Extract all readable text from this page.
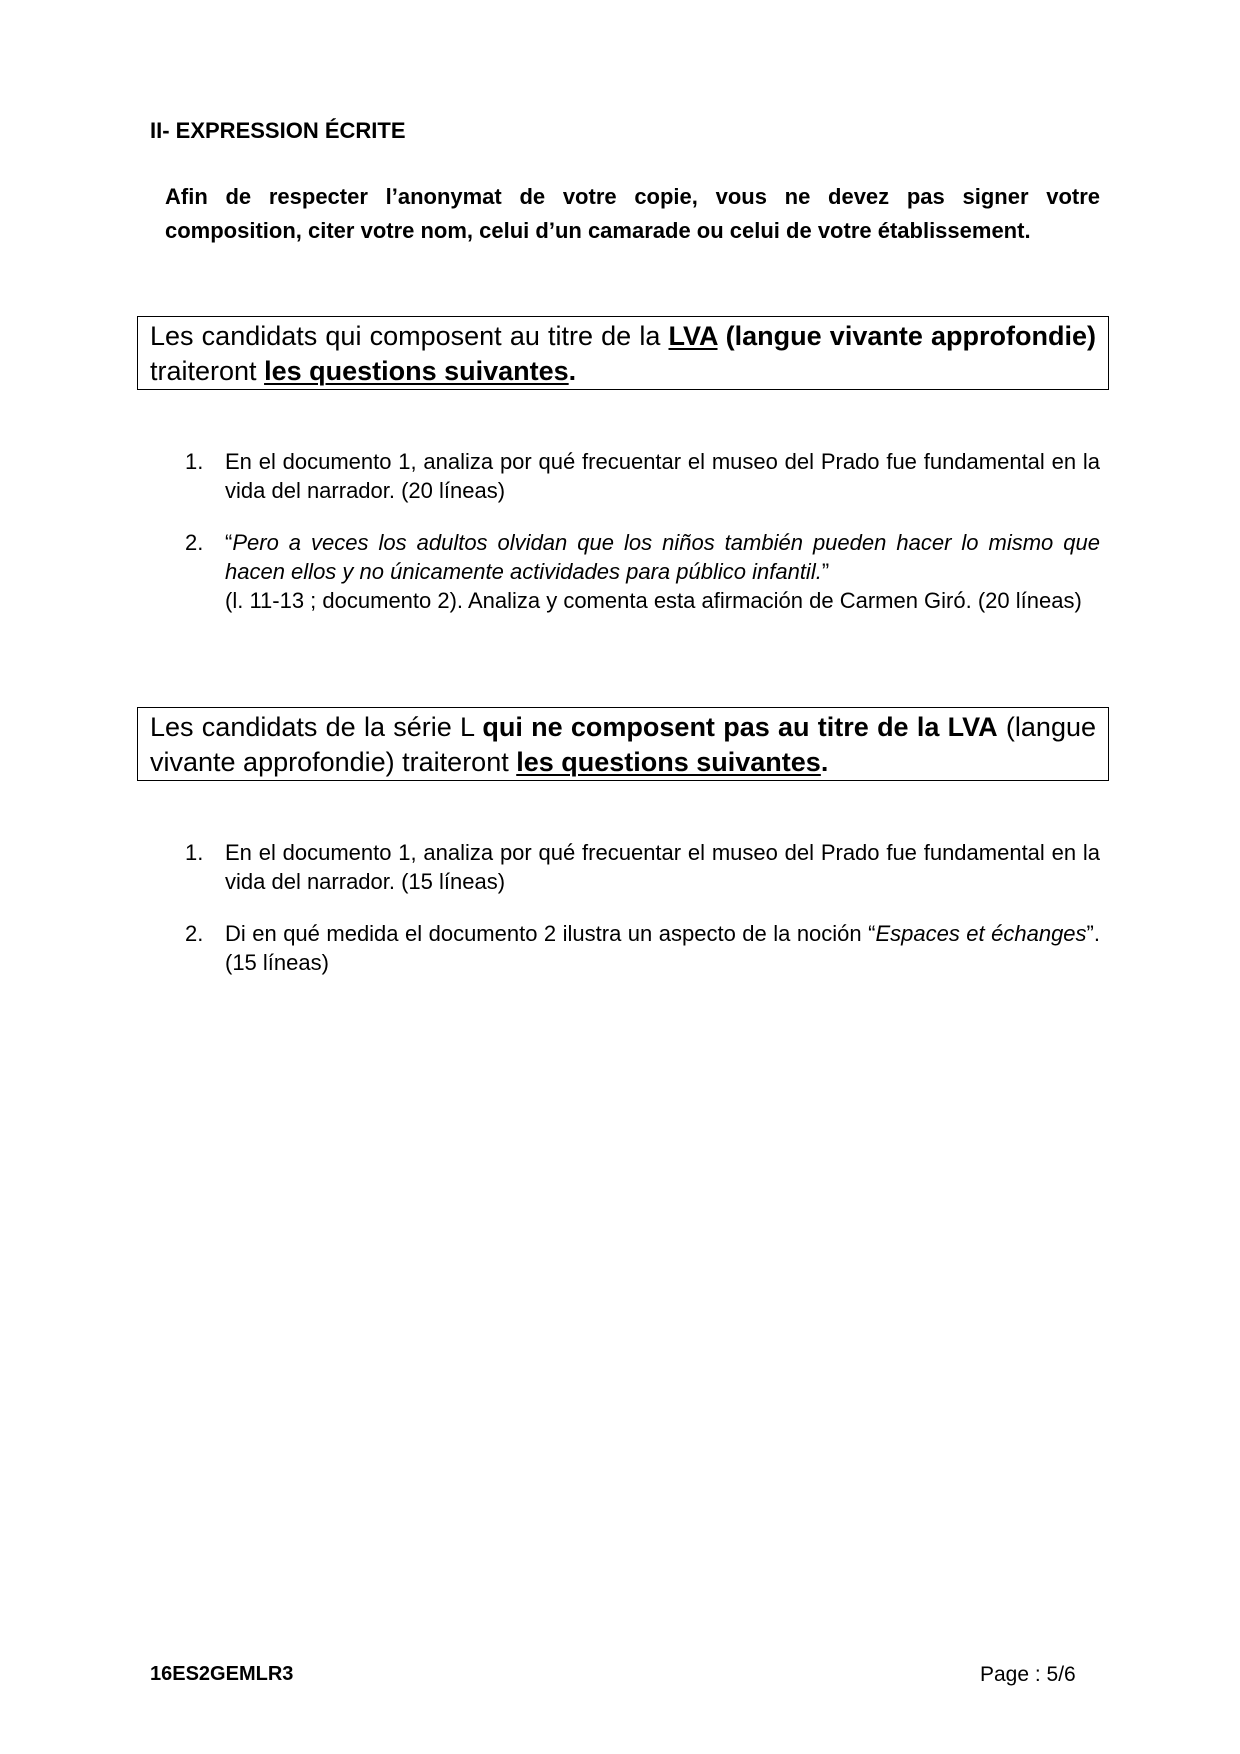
II- EXPRESSION ÉCRITE

Afin de respecter l’anonymat de votre copie, vous ne devez pas signer votre composition, citer votre nom, celui d’un camarade ou celui de votre établissement.

Les candidats qui composent au titre de la LVA (langue vivante approfondie) traiteront les questions suivantes.
1. En el documento 1, analiza por qué frecuentar el museo del Prado fue fundamental en la vida del narrador. (20 líneas)
2. “Pero a veces los adultos olvidan que los niños también pueden hacer lo mismo que hacen ellos y no únicamente actividades para público infantil.”
(l. 11-13 ; documento 2). Analiza y comenta esta afirmación de Carmen Giró. (20 líneas)
Les candidats de la série L qui ne composent pas au titre de la LVA (langue vivante approfondie) traiteront les questions suivantes.
1. En el documento 1, analiza por qué frecuentar el museo del Prado fue fundamental en la vida del narrador. (15 líneas)
2. Di en qué medida el documento 2 ilustra un aspecto de la noción “Espaces et échanges”. (15 líneas)
16ES2GEMLR3	Page : 5/6
